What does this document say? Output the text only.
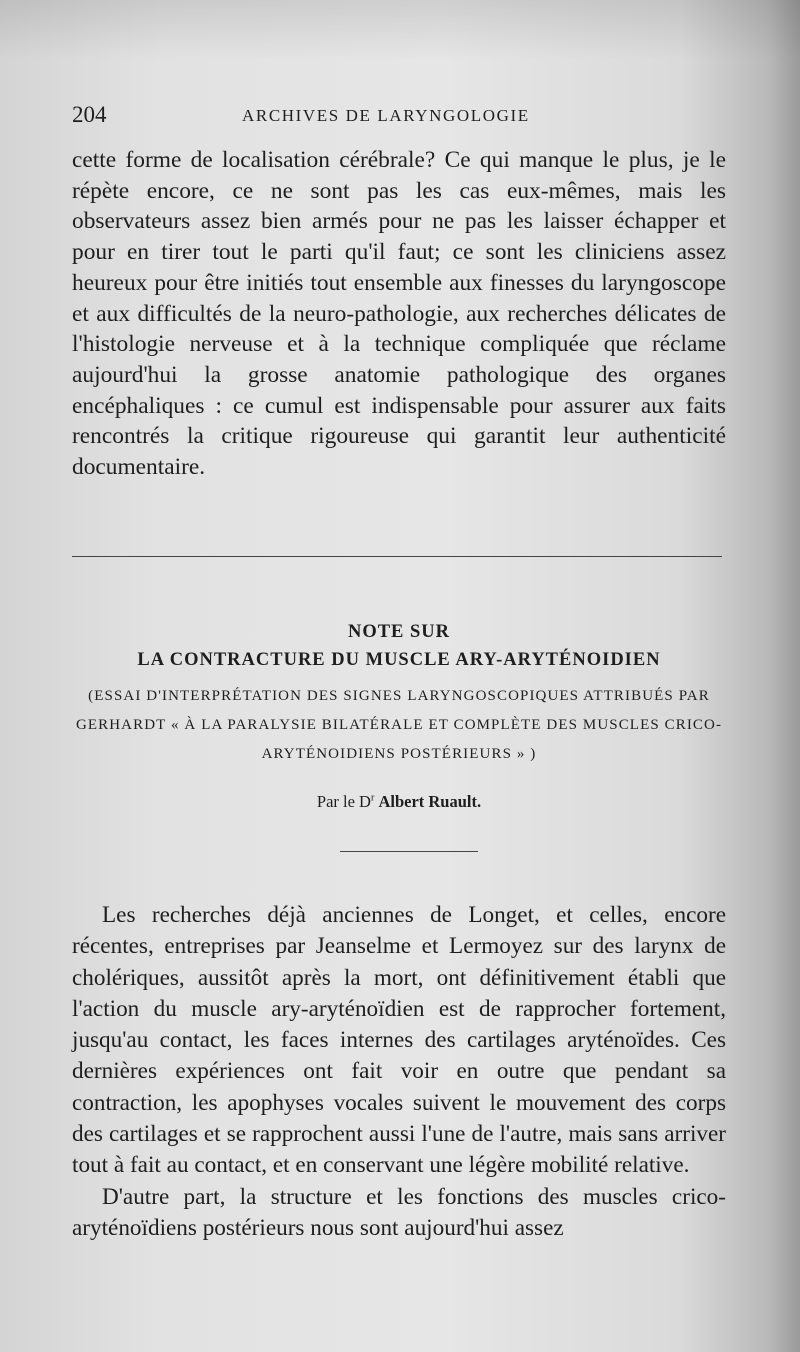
204	ARCHIVES DE LARYNGOLOGIE

cette forme de localisation cérébrale? Ce qui manque le plus, je le répète encore, ce ne sont pas les cas eux-mêmes, mais les observateurs assez bien armés pour ne pas les laisser échapper et pour en tirer tout le parti qu'il faut; ce sont les cliniciens assez heureux pour être initiés tout ensemble aux finesses du laryngoscope et aux difficultés de la neuro-pathologie, aux recherches délicates de l'histologie nerveuse et à la technique compliquée que réclame aujourd'hui la grosse anatomie pathologique des organes encéphaliques : ce cumul est indispensable pour assurer aux faits rencontrés la critique rigoureuse qui garantit leur authenticité documentaire.

NOTE SUR
LA CONTRACTURE DU MUSCLE ARY-ARYTÉNOIDIEN
(ESSAI D'INTERPRÉTATION DES SIGNES LARYNGOSCOPIQUES ATTRIBUÉS PAR GERHARDT « À LA PARALYSIE BILATÉRALE ET COMPLÈTE DES MUSCLES CRICO-ARYTÉNOIDIENS POSTÉRIEURS » )
Par le $D^r$ Albert Ruault.

Les recherches déjà anciennes de Longet, et celles, encore récentes, entreprises par Jeanselme et Lermoyez sur des larynx de cholériques, aussitôt après la mort, ont définitivement établi que l'action du muscle ary-aryténoïdien est de rapprocher fortement, jusqu'au contact, les faces internes des cartilages aryténoïdes. Ces dernières expériences ont fait voir en outre que pendant sa contraction, les apophyses vocales suivent le mouvement des corps des cartilages et se rapprochent aussi l'une de l'autre, mais sans arriver tout à fait au contact, et en conservant une légère mobilité relative.

D'autre part, la structure et les fonctions des muscles crico-aryténoïdiens postérieurs nous sont aujourd'hui assez
